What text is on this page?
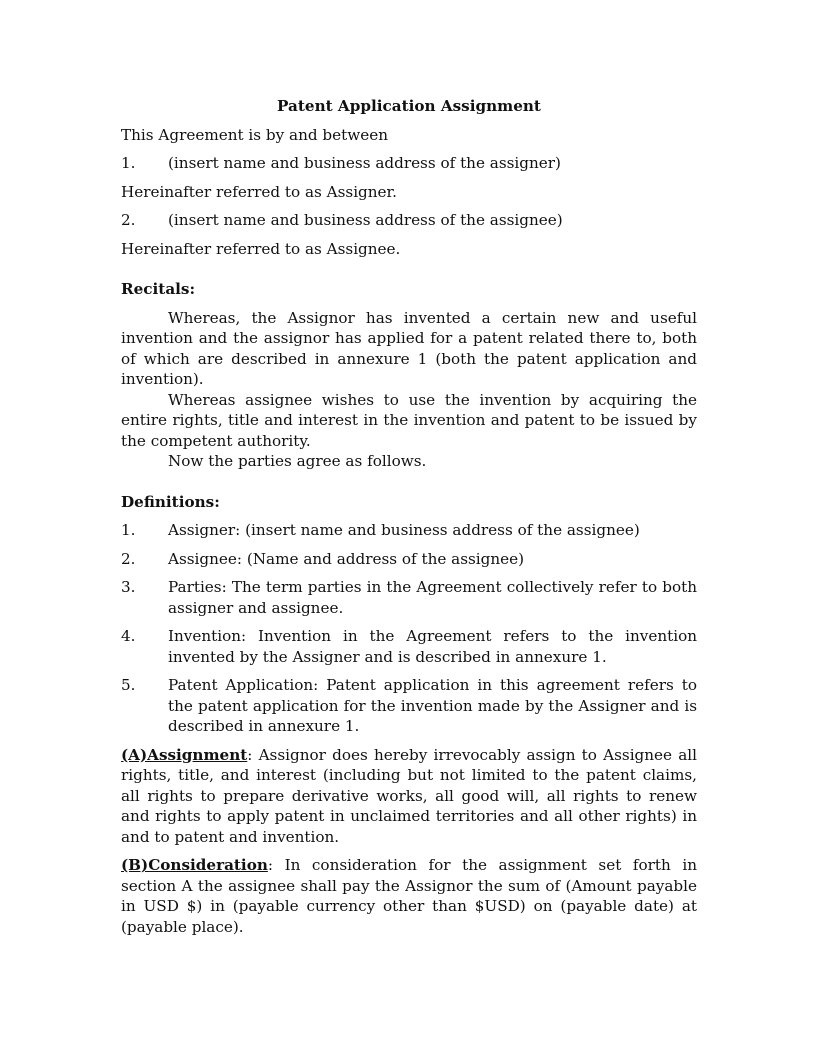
Patent Application Assignment

This Agreement is by and between

1.	(insert name and business address of the assigner)

Hereinafter referred to as Assigner.

2.	(insert name and business address of the assignee)

Hereinafter referred to as Assignee.

Recitals:

Whereas, the Assignor has invented a certain new and useful invention and the assignor has applied for a patent related there to, both of which are described in annexure 1 (both the patent application and invention).

Whereas assignee wishes to use the invention by acquiring the entire rights, title and interest in the invention and patent to be issued by the competent authority.

Now the parties agree as follows.

Definitions:

1.	Assigner: (insert name and business address of the assignee)
2.	Assignee: (Name and address of the assignee)
3.	Parties: The term parties in the Agreement collectively refer to both assigner and assignee.
4.	Invention: Invention in the Agreement refers to the invention invented by the Assigner and is described in annexure 1.
5.	Patent Application: Patent application in this agreement refers to the patent application for the invention made by the Assigner and is described in annexure 1.

(A)Assignment: Assignor does hereby irrevocably assign to Assignee all rights, title, and interest (including but not limited to the patent claims, all rights to prepare derivative works, all good will, all rights to renew and rights to apply patent in unclaimed territories and all other rights) in and to patent and invention.

(B)Consideration: In consideration for the assignment set forth in section A the assignee shall pay the Assignor the sum of (Amount payable in USD $) in (payable currency other than $USD) on (payable date) at (payable place).
